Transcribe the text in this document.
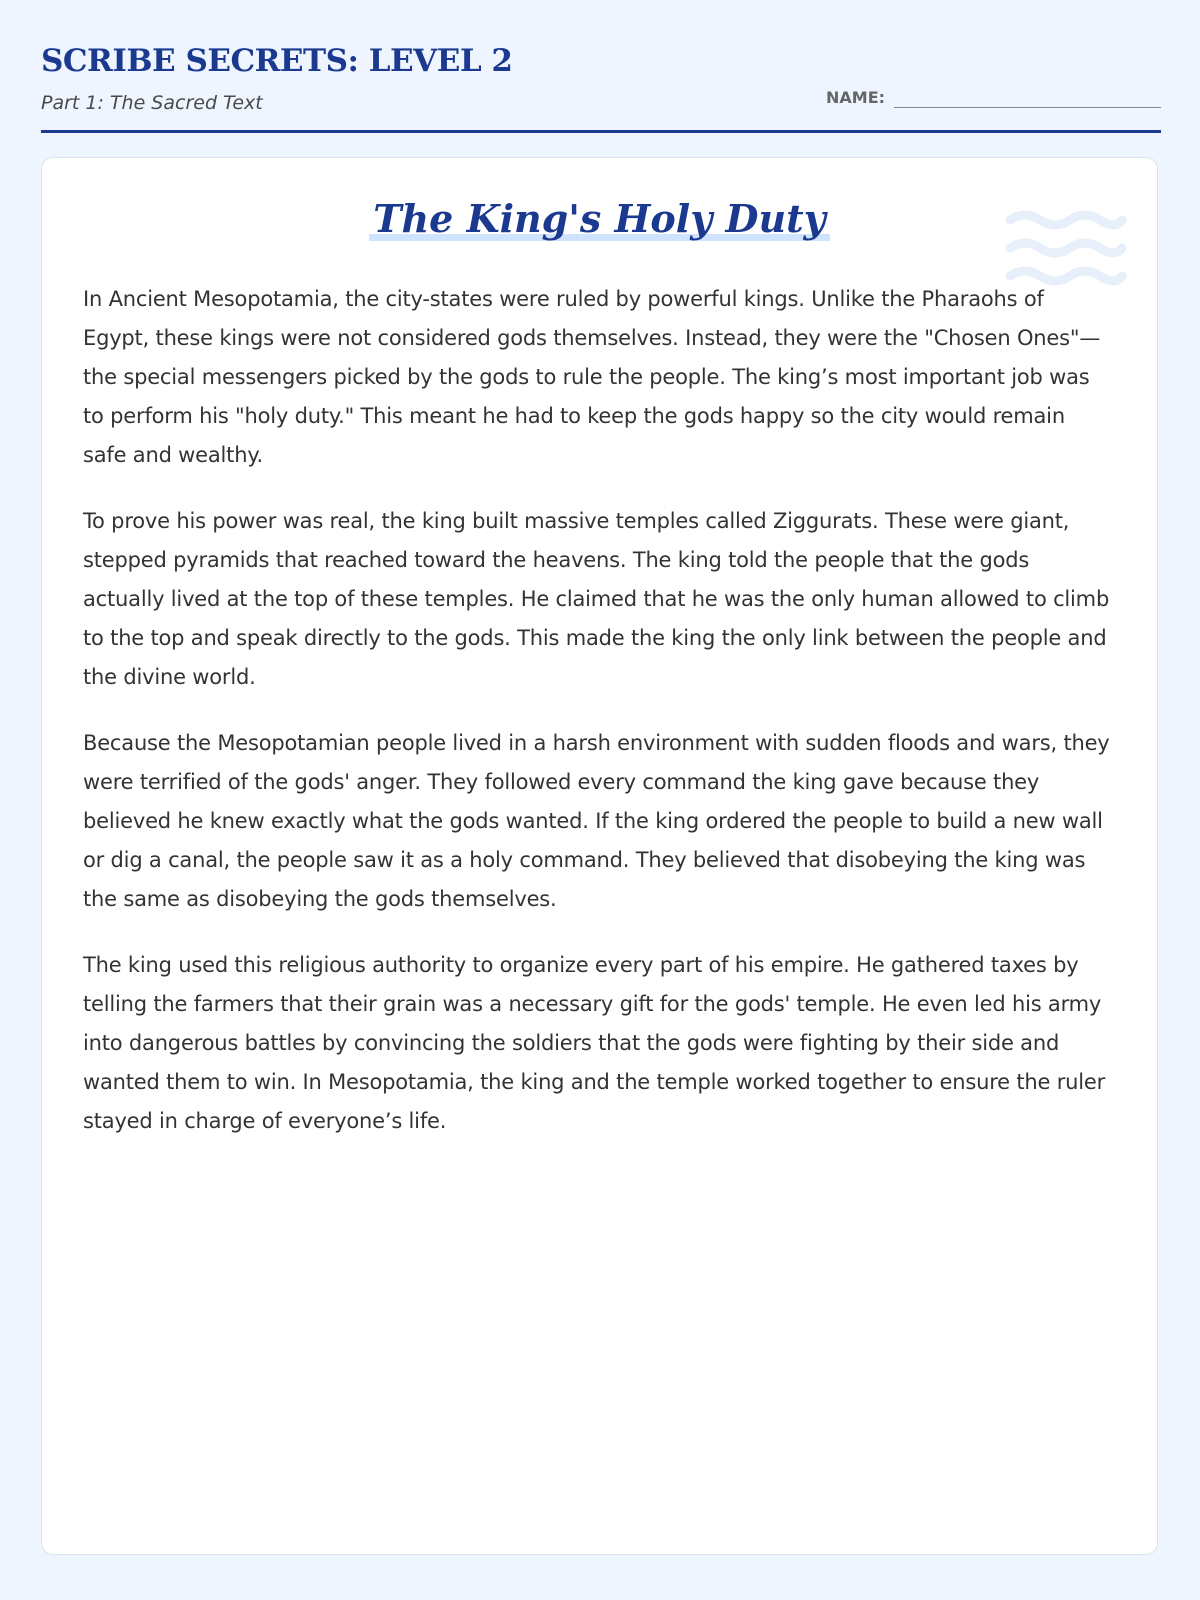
SCRIBE SECRETS: LEVEL 2
Part 1: The Sacred Text	NAME:
The King's Holy Duty

In Ancient Mesopotamia, the city-states were ruled by powerful kings. Unlike the Pharaohs of Egypt, these kings were not considered gods themselves. Instead, they were the "Chosen Ones"—the special messengers picked by the gods to rule the people. The king’s most important job was to perform his "holy duty." This meant he had to keep the gods happy so the city would remain safe and wealthy.

To prove his power was real, the king built massive temples called Ziggurats. These were giant, stepped pyramids that reached toward the heavens. The king told the people that the gods actually lived at the top of these temples. He claimed that he was the only human allowed to climb to the top and speak directly to the gods. This made the king the only link between the people and the divine world.

Because the Mesopotamian people lived in a harsh environment with sudden floods and wars, they were terrified of the gods' anger. They followed every command the king gave because they believed he knew exactly what the gods wanted. If the king ordered the people to build a new wall or dig a canal, the people saw it as a holy command. They believed that disobeying the king was the same as disobeying the gods themselves.

The king used this religious authority to organize every part of his empire. He gathered taxes by telling the farmers that their grain was a necessary gift for the gods' temple. He even led his army into dangerous battles by convincing the soldiers that the gods were fighting by their side and wanted them to win. In Mesopotamia, the king and the temple worked together to ensure the ruler stayed in charge of everyone’s life.
